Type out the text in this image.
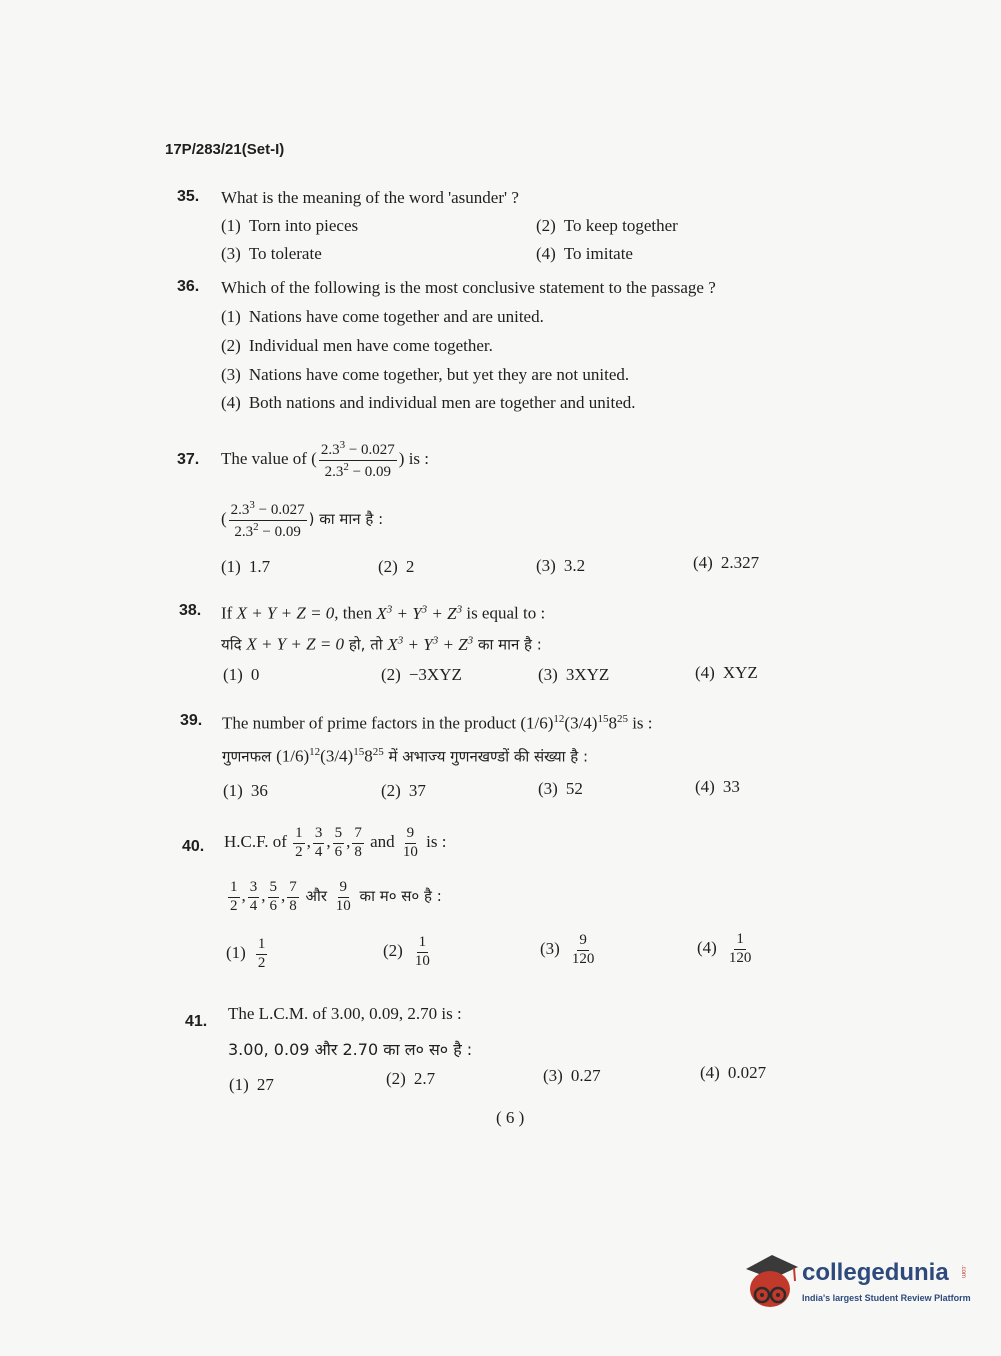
17P/283/21(Set-I)
35. What is the meaning of the word 'asunder' ?
(1) Torn into pieces	(2) To keep together
(3) To tolerate	(4) To imitate
36. Which of the following is the most conclusive statement to the passage ?
(1) Nations have come together and are united.
(2) Individual men have come together.
(3) Nations have come together, but yet they are not united.
(4) Both nations and individual men are together and united.
37. The value of ( $\frac{2.3^3 - 0.027}{2.3^2 - 0.09}$ ) is :
( $\frac{2.3^3 - 0.027}{2.3^2 - 0.09}$ ) का मान है :
(1) 1.7	(2) 2	(3) 3.2	(4) 2.327
38. If X + Y + Z = 0, then $X^3 + Y^3 + Z^3$ is equal to :
यदि X + Y + Z = 0 हो, तो $X^3 + Y^3 + Z^3$ का मान है :
(1) 0	(2) −3XYZ	(3) 3XYZ	(4) XYZ
39. The number of prime factors in the product $(1/6)^{12}(3/4)^{15}8^{25}$ is :
गुणनफल $(1/6)^{12}(3/4)^{15}8^{25}$ में अभाज्य गुणनखण्डों की संख्या है :
(1) 36	(2) 37	(3) 52	(4) 33
40. H.C.F. of $\frac{1}{2}$ , $\frac{3}{4}$ , $\frac{5}{6}$ , $\frac{7}{8}$ and $\frac{9}{10}$ is :
$\frac{1}{2}$ , $\frac{3}{4}$ , $\frac{5}{6}$ , $\frac{7}{8}$ और $\frac{9}{10}$ का म० स० है :
$(1) \frac{1}{2}$	$(2) \frac{1}{10}$	$(3) \frac{9}{120}$	$(4) \frac{1}{120}$
41. The L.C.M. of 3.00, 0.09, 2.70 is :
3.00, 0.09 और 2.70 का ल० स० है :
(1) 27	(2) 2.7	(3) 0.27	(4) 0.027
( 6 )
collegedunia .com
India's largest Student Review Platform
